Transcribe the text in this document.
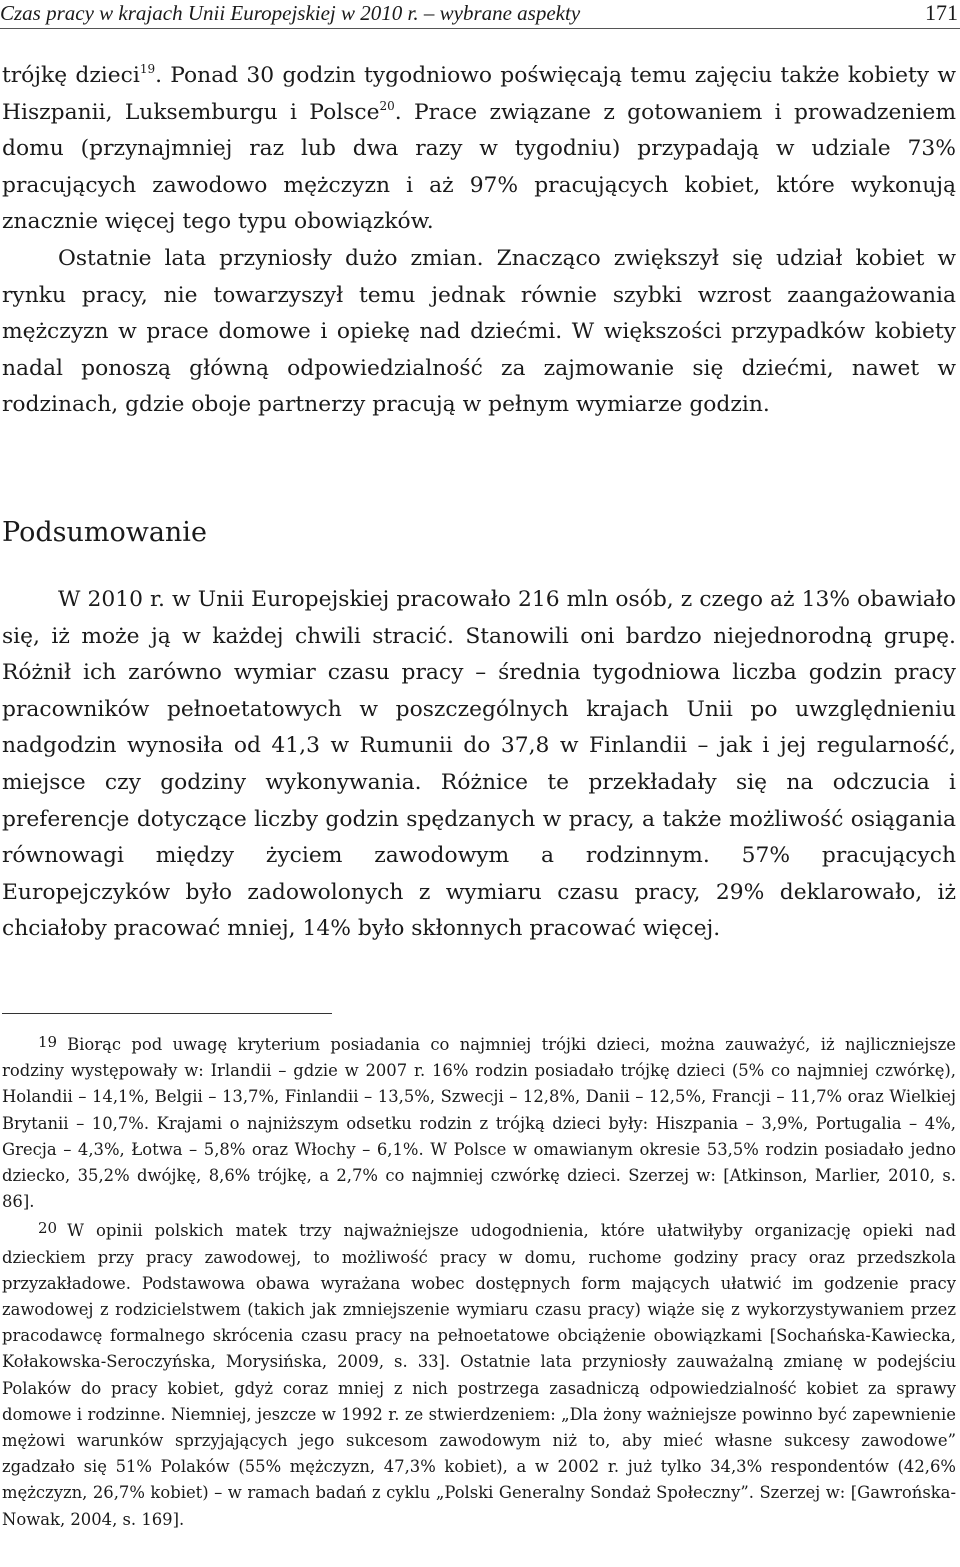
Czas pracy w krajach Unii Europejskiej w 2010 r. – wybrane aspekty	171

trójkę dzieci$^{19}$. Ponad 30 godzin tygodniowo poświęcają temu zajęciu także kobiety w Hiszpanii, Luksemburgu i Polsce$^{20}$. Prace związane z gotowaniem i prowadzeniem domu (przynajmniej raz lub dwa razy w tygodniu) przypadają w udziale 73% pracujących zawodowo mężczyzn i aż 97% pracujących kobiet, które wykonują znacznie więcej tego typu obowiązków.

Ostatnie lata przyniosły dużo zmian. Znacząco zwiększył się udział kobiet w rynku pracy, nie towarzyszył temu jednak równie szybki wzrost zaangażowania mężczyzn w prace domowe i opiekę nad dziećmi. W większości przypadków kobiety nadal ponoszą główną odpowiedzialność za zajmowanie się dziećmi, nawet w rodzinach, gdzie oboje partnerzy pracują w pełnym wymiarze godzin.

Podsumowanie

W 2010 r. w Unii Europejskiej pracowało 216 mln osób, z czego aż 13% obawiało się, iż może ją w każdej chwili stracić. Stanowili oni bardzo niejednorodną grupę. Różnił ich zarówno wymiar czasu pracy – średnia tygodniowa liczba godzin pracy pracowników pełnoetatowych w poszczególnych krajach Unii po uwzględnieniu nadgodzin wynosiła od 41,3 w Rumunii do 37,8 w Finlandii – jak i jej regularność, miejsce czy godziny wykonywania. Różnice te przekładały się na odczucia i preferencje dotyczące liczby godzin spędzanych w pracy, a także możliwość osiągania równowagi między życiem zawodowym a rodzinnym. 57% pracujących Europejczyków było zadowolonych z wymiaru czasu pracy, 29% deklarowało, iż chciałoby pracować mniej, 14% było skłonnych pracować więcej.

19 Biorąc pod uwagę kryterium posiadania co najmniej trójki dzieci, można zauważyć, iż najliczniejsze rodziny występowały w: Irlandii – gdzie w 2007 r. 16% rodzin posiadało trójkę dzieci (5% co najmniej czwórkę), Holandii – 14,1%, Belgii – 13,7%, Finlandii – 13,5%, Szwecji – 12,8%, Danii – 12,5%, Francji – 11,7% oraz Wielkiej Brytanii – 10,7%. Krajami o najniższym odsetku rodzin z trójką dzieci były: Hiszpania – 3,9%, Portugalia – 4%, Grecja – 4,3%, Łotwa – 5,8% oraz Włochy – 6,1%. W Polsce w omawianym okresie 53,5% rodzin posiadało jedno dziecko, 35,2% dwójkę, 8,6% trójkę, a 2,7% co najmniej czwórkę dzieci. Szerzej w: [Atkinson, Marlier, 2010, s. 86].

20 W opinii polskich matek trzy najważniejsze udogodnienia, które ułatwiłyby organizację opieki nad dzieckiem przy pracy zawodowej, to możliwość pracy w domu, ruchome godziny pracy oraz przedszkola przyzakładowe. Podstawowa obawa wyrażana wobec dostępnych form mających ułatwić im godzenie pracy zawodowej z rodzicielstwem (takich jak zmniejszenie wymiaru czasu pracy) wiąże się z wykorzystywaniem przez pracodawcę formalnego skrócenia czasu pracy na pełnoetatowe obciążenie obowiązkami [Sochańska-Kawiecka, Kołakowska-Seroczyńska, Morysińska, 2009, s. 33]. Ostatnie lata przyniosły zauważalną zmianę w podejściu Polaków do pracy kobiet, gdyż coraz mniej z nich postrzega zasadniczą odpowiedzialność kobiet za sprawy domowe i rodzinne. Niemniej, jeszcze w 1992 r. ze stwierdzeniem: „Dla żony ważniejsze powinno być zapewnienie mężowi warunków sprzyjających jego sukcesom zawodowym niż to, aby mieć własne sukcesy zawodowe” zgadzało się 51% Polaków (55% mężczyzn, 47,3% kobiet), a w 2002 r. już tylko 34,3% respondentów (42,6% mężczyzn, 26,7% kobiet) – w ramach badań z cyklu „Polski Generalny Sondaż Społeczny”. Szerzej w: [Gawrońska-Nowak, 2004, s. 169].
